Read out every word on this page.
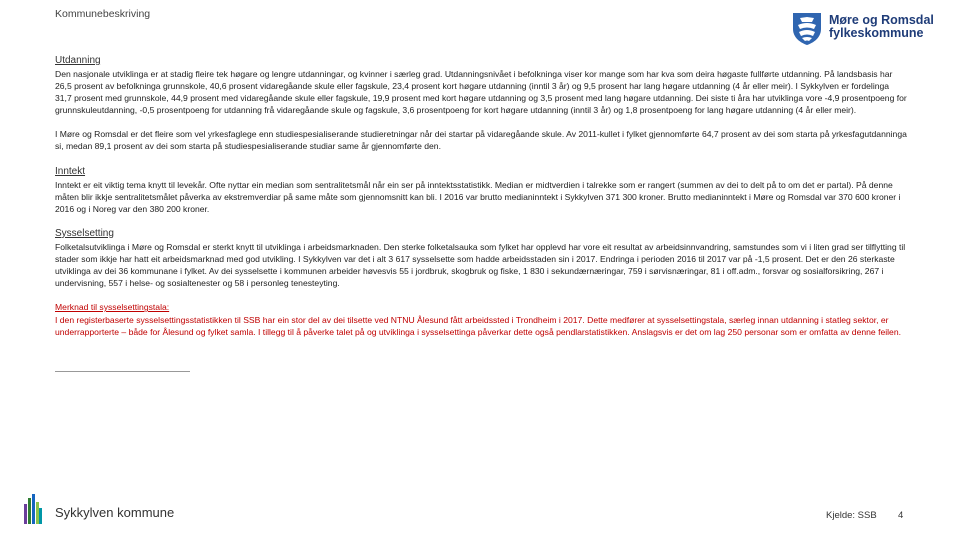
Kommunebeskriving	Møre og Romsdal
fylkeskommune
Utdanning

Den nasjonale utviklinga er at stadig fleire tek høgare og lengre utdanningar, og kvinner i særleg grad. Utdanningsnivået i befolkninga viser kor mange som har kva som deira høgaste fullførte utdanning. På landsbasis har 26,5 prosent av befolkninga grunnskole, 40,6 prosent vidaregåande skule eller fagskule, 23,4 prosent kort høgare utdanning (inntil 3 år) og 9,5 prosent har lang høgare utdanning (4 år eller meir). I Sykkylven er fordelinga 31,7 prosent med grunnskole, 44,9 prosent med vidaregåande skule eller fagskule, 19,9 prosent med kort høgare utdanning og 3,5 prosent med lang høgare utdanning. Dei siste ti åra har utviklinga vore -4,9 prosentpoeng for grunnskuleutdanning, -0,5 prosentpoeng for utdanning frå vidaregåande skule og fagskule, 3,6 prosentpoeng for kort høgare utdanning (inntil 3 år) og 1,8 prosentpoeng for lang høgare utdanning (4 år eller meir).

I Møre og Romsdal er det fleire som vel yrkesfaglege enn studiespesialiserande studieretningar når dei startar på vidaregåande skule. Av 2011-kullet i fylket gjennomførte 64,7 prosent av dei som starta på yrkesfagutdanninga si, medan 89,1 prosent av dei som starta på studiespesialiserande studiar same år gjennomførte den.

Inntekt

Inntekt er eit viktig tema knytt til levekår. Ofte nyttar ein median som sentralitetsmål når ein ser på inntektsstatistikk. Median er midtverdien i talrekke som er rangert (summen av dei to delt på to om det er partal). På denne måten blir ikkje sentralitetsmålet påverka av ekstremverdiar på same måte som gjennomsnitt kan bli. I 2016 var brutto medianinntekt i Sykkylven 371 300 kroner. Brutto medianinntekt i Møre og Romsdal var 370 600 kroner i 2016 og i Noreg var den 380 200 kroner.

Sysselsetting

Folketalsutviklinga i Møre og Romsdal er sterkt knytt til utviklinga i arbeidsmarknaden. Den sterke folketalsauka som fylket har opplevd har vore eit resultat av arbeidsinnvandring, samstundes som vi i liten grad ser tilflytting til stader som ikkje har hatt eit arbeidsmarknad med god utvikling. I Sykkylven var det i alt 3 617 sysselsette som hadde arbeidsstaden sin i 2017. Endringa i perioden 2016 til 2017 var på -1,5 prosent. Det er den 26 sterkaste utviklinga av dei 36 kommunane i fylket. Av dei sysselsette i kommunen arbeider høvesvis 55 i jordbruk, skogbruk og fiske, 1 830 i sekundærnæringar, 759 i sørvisnæringar, 81 i off.adm., forsvar og sosialforsikring, 267 i undervisning, 557 i helse- og sosialtenester og 58 i personleg tenesteyting.

Merknad til sysselsettingstala:

I den registerbaserte sysselsettingsstatistikken til SSB har ein stor del av dei tilsette ved NTNU Ålesund fått arbeidssted i Trondheim i 2017. Dette medfører at sysselsettingstala, særleg innan utdanning i statleg sektor, er underrapporterte – både for Ålesund og fylket samla. I tillegg til å påverke talet på og utviklinga i sysselsettinga påverkar dette også pendlarstatistikken. Anslagsvis er det om lag 250 personar som er omfatta av denne feilen.

Sykkylven kommune	Kjelde: SSB 4
